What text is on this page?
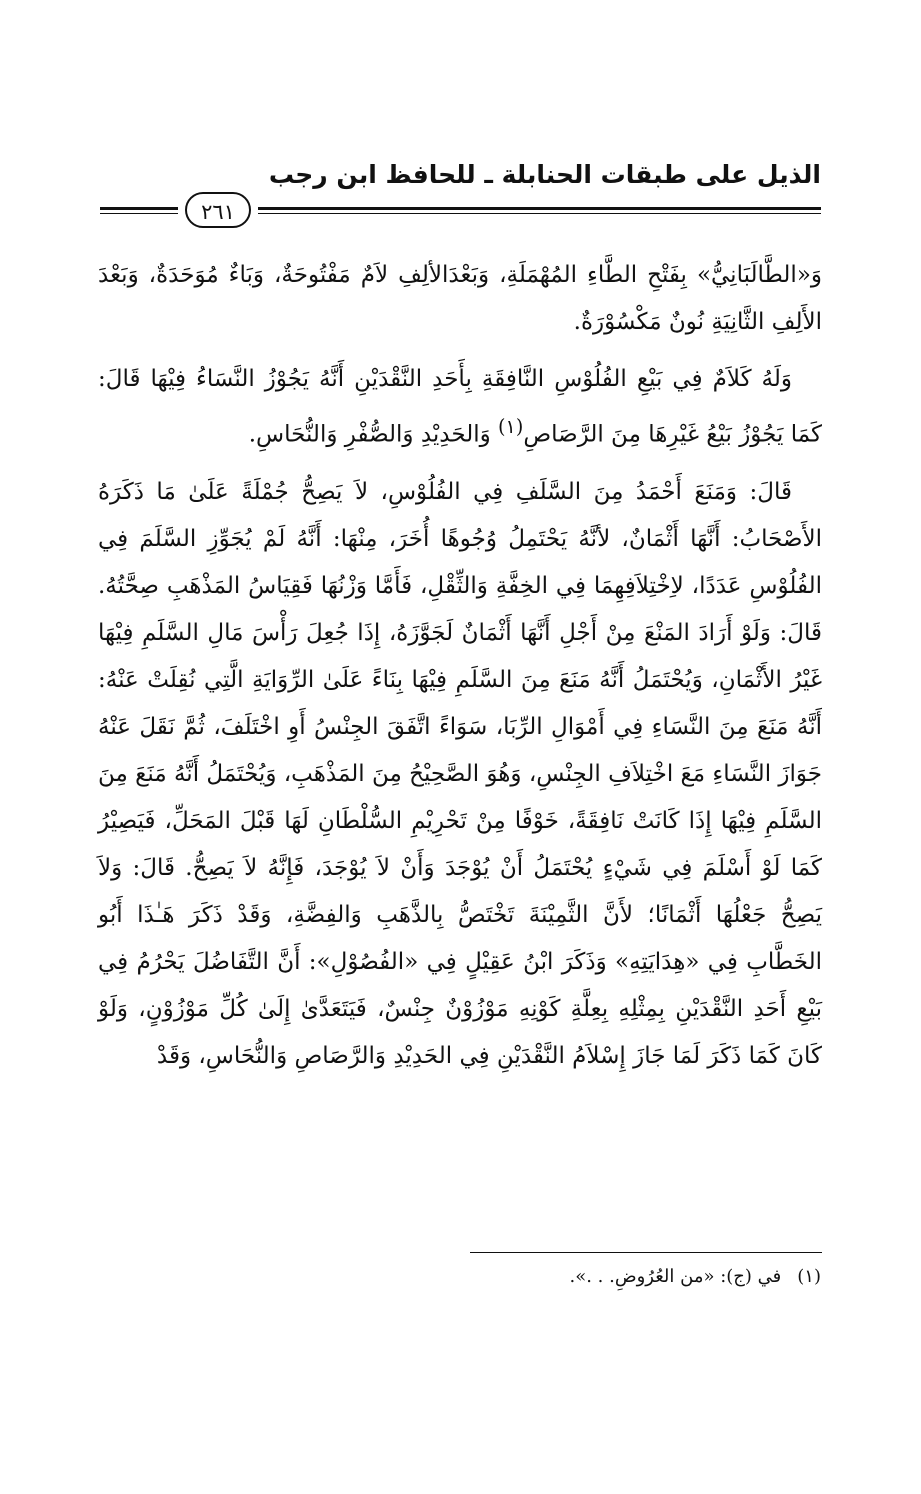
الذيل على طبقات الحنابلة ـ للحافظ ابن رجب
٢٦١

وَ«الطَّالَبَانِيُّ» بِفَتْحِ الطَّاءِ المُهْمَلَةِ، وَبَعْدَالألِفِ لاَمٌ مَفْتُوحَةٌ، وَبَاءٌ مُوَحَدَةٌ، وَبَعْدَ الأَلِفِ الثَّانِيَةِ نُونٌ مَكْسُوْرَةٌ.

وَلَهُ كَلاَمٌ فِي بَيْعِ الفُلُوْسِ النَّافِقَةِ بِأَحَدِ النَّقْدَيْنِ أَنَّهُ يَجُوْزُ النَّسَاءُ فِيْهَا قَالَ: كَمَا يَجُوْزُ بَيْعُ غَيْرِهَا مِنَ الرَّصَاصِ$^{(١)}$ وَالحَدِيْدِ وَالصُّفْرِ وَالنُّحَاسِ.

قَالَ: وَمَنَعَ أَحْمَدُ مِنَ السَّلَفِ فِي الفُلُوْسِ، لاَ يَصِحُّ جُمْلَةً عَلَىٰ مَا ذَكَرَهُ الأَصْحَابُ: أَنَّهَا أَثْمَانٌ، لأنَّهُ يَحْتَمِلُ وُجُوهًا أُخَرَ، مِنْهَا: أَنَّهُ لَمْ يُجَوِّزِ السَّلَمَ فِي الفُلُوْسِ عَدَدًا، لاِخْتِلاَفِهِمَا فِي الخِفَّةِ وَالثِّقْلِ، فَأَمَّا وَزْنُهَا فَقِيَاسُ المَذْهَبِ صِحَّتُهُ. قَالَ: وَلَوْ أَرَادَ المَنْعَ مِنْ أَجْلِ أَنَّهَا أَثْمَانٌ لَجَوَّزَهُ، إِذَا جُعِلَ رَأْسَ مَالِ السَّلَمِ فِيْهَا غَيْرُ الأَثْمَانِ، وَيُحْتَمَلُ أَنَّهُ مَنَعَ مِنَ السَّلَمِ فِيْهَا بِنَاءً عَلَىٰ الرِّوَايَةِ الَّتِي نُقِلَتْ عَنْهُ: أَنَّهُ مَنَعَ مِنَ النَّسَاءِ فِي أَمْوَالِ الرِّبَا، سَوَاءً اتَّفَقَ الجِنْسُ أَوِ اخْتَلَفَ، ثُمَّ نَقَلَ عَنْهُ جَوَازَ النَّسَاءِ مَعَ اخْتِلاَفِ الجِنْسِ، وَهُوَ الصَّحِيْحُ مِنَ المَذْهَبِ، وَيُحْتَمَلُ أَنَّهُ مَنَعَ مِنَ السَّلَمِ فِيْهَا إِذَا كَانَتْ نَافِقَةً، خَوْفًا مِنْ تَحْرِيْمِ السُّلْطَانِ لَهَا قَبْلَ المَحَلِّ، فَيَصِيْرُ كَمَا لَوْ أَسْلَمَ فِي شَيْءٍ يُحْتَمَلُ أَنْ يُوْجَدَ وَأَنْ لاَ يُوْجَدَ، فَإِنَّهُ لاَ يَصِحُّ. قَالَ: وَلاَ يَصِحُّ جَعْلُهَا أَثْمَانًا؛ لأَنَّ الثَّمِيْنَةَ تَخْتَصُّ بِالذَّهَبِ وَالفِضَّةِ، وَقَدْ ذَكَرَ هَـٰذَا أَبُو الخَطَّابِ فِي «هِدَايَتِهِ» وَذَكَرَ ابْنُ عَقِيْلٍ فِي «الفُصُوْلِ»: أَنَّ التَّفَاضُلَ يَحْرُمُ فِي بَيْعِ أَحَدِ النَّقْدَيْنِ بِمِثْلِهِ بِعِلَّةِ كَوْنِهِ مَوْزُوْنٌ جِنْسٌ، فَيَتَعَدَّىٰ إِلَىٰ كُلِّ مَوْزُوْنٍ، وَلَوْ كَانَ كَمَا ذَكَرَ لَمَا جَازَ إِسْلاَمُ النَّقْدَيْنِ فِي الحَدِيْدِ وَالرَّصَاصِ وَالنُّحَاسِ، وَقَدْ

(١)في (ج): «من العُرُوضِ. . .».
